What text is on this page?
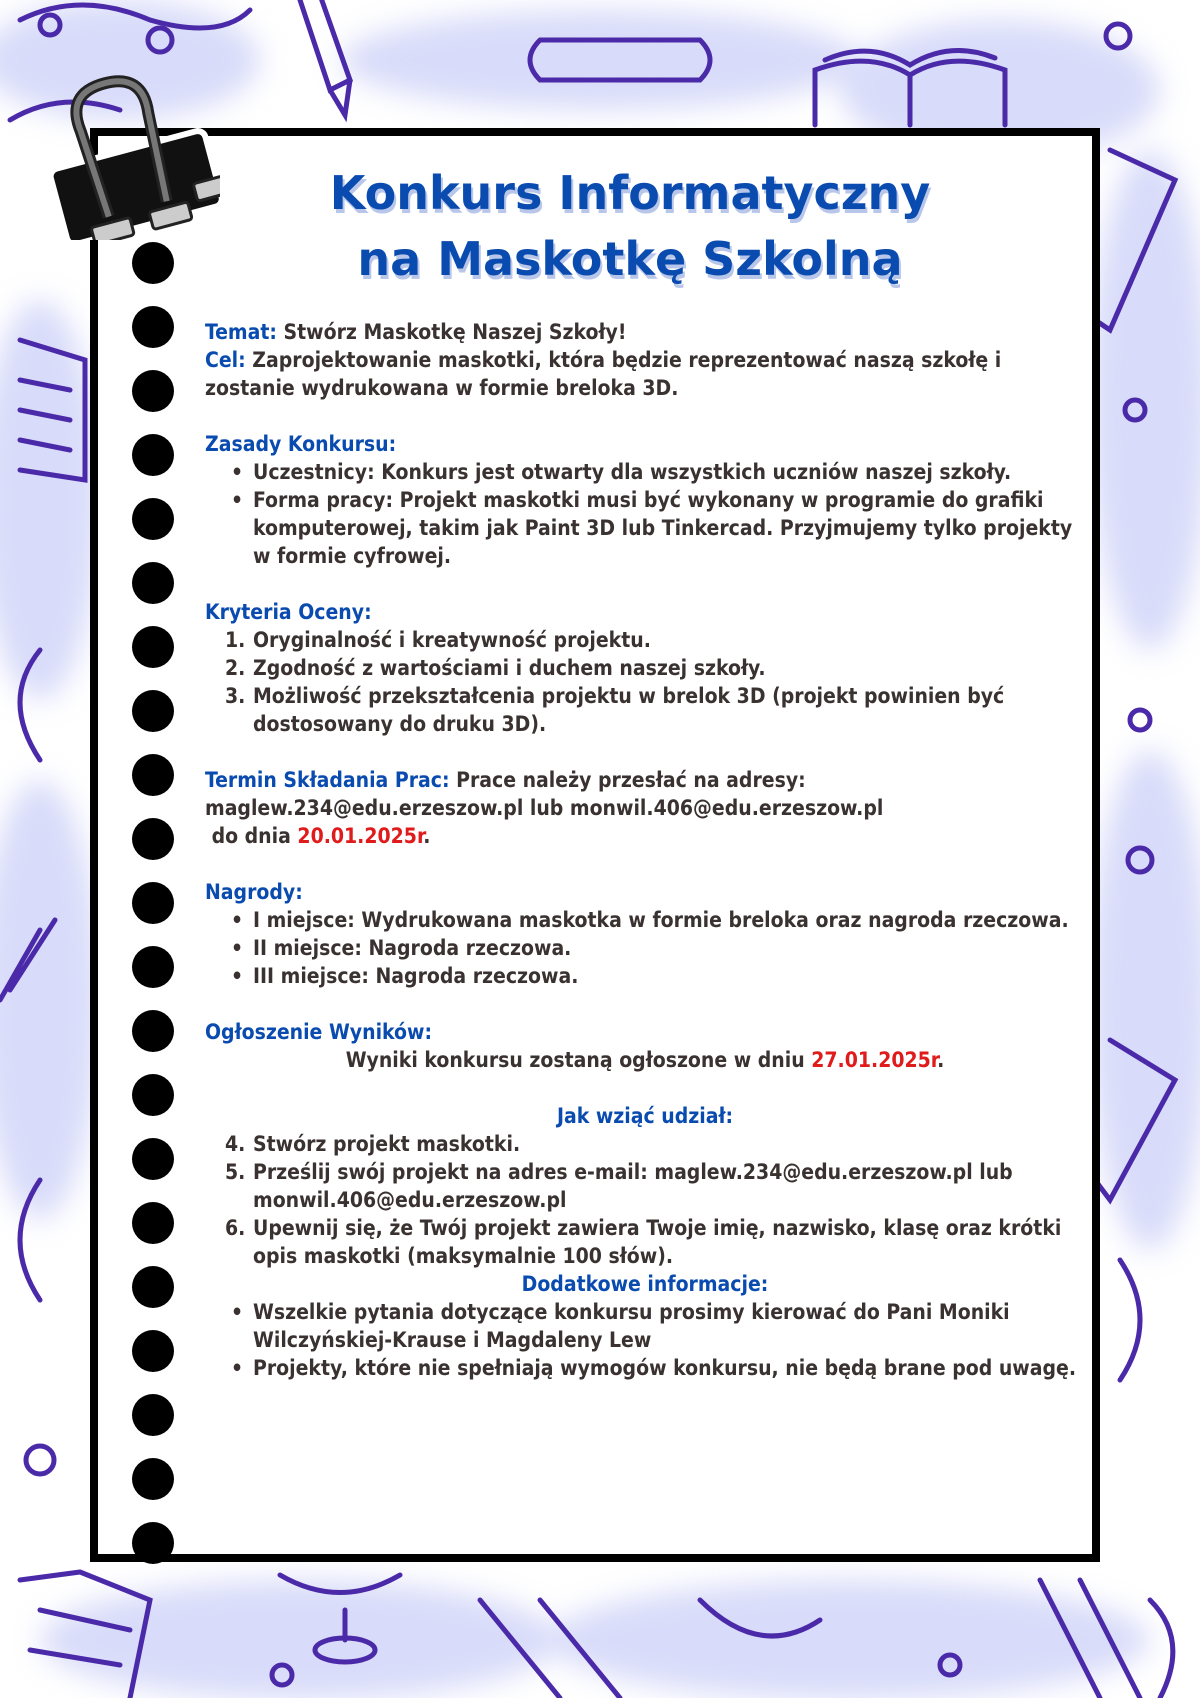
Konkurs Informatyczny
na Maskotkę Szkolną

Temat: Stwórz Maskotkę Naszej Szkoły!

Cel: Zaprojektowanie maskotki, która będzie reprezentować naszą szkołę i zostanie wydrukowana w formie breloka 3D.

Zasady Konkursu:

• Uczestnicy: Konkurs jest otwarty dla wszystkich uczniów naszej szkoły.
• Forma pracy: Projekt maskotki musi być wykonany w programie do grafiki komputerowej, takim jak Paint 3D lub Tinkercad. Przyjmujemy tylko projekty w formie cyfrowej.

Kryteria Oceny:

1. Oryginalność i kreatywność projektu.
2. Zgodność z wartościami i duchem naszej szkoły.
3. Możliwość przekształcenia projektu w brelok 3D (projekt powinien być dostosowany do druku 3D).

Termin Składania Prac: Prace należy przesłać na adresy:

maglew.234@edu.erzeszow.pl lub monwil.406@edu.erzeszow.pl

do dnia 20.01.2025r.

Nagrody:

• I miejsce: Wydrukowana maskotka w formie breloka oraz nagroda rzeczowa.
• II miejsce: Nagroda rzeczowa.
• III miejsce: Nagroda rzeczowa.

Ogłoszenie Wyników:

Wyniki konkursu zostaną ogłoszone w dniu 27.01.2025r.

Jak wziąć udział:

4. Stwórz projekt maskotki.
5. Prześlij swój projekt na adres e-mail: maglew.234@edu.erzeszow.pl lub monwil.406@edu.erzeszow.pl
6. Upewnij się, że Twój projekt zawiera Twoje imię, nazwisko, klasę oraz krótki opis maskotki (maksymalnie 100 słów).

Dodatkowe informacje:

• Wszelkie pytania dotyczące konkursu prosimy kierować do Pani Moniki Wilczyńskiej-Krause i Magdaleny Lew
• Projekty, które nie spełniają wymogów konkursu, nie będą brane pod uwagę.
